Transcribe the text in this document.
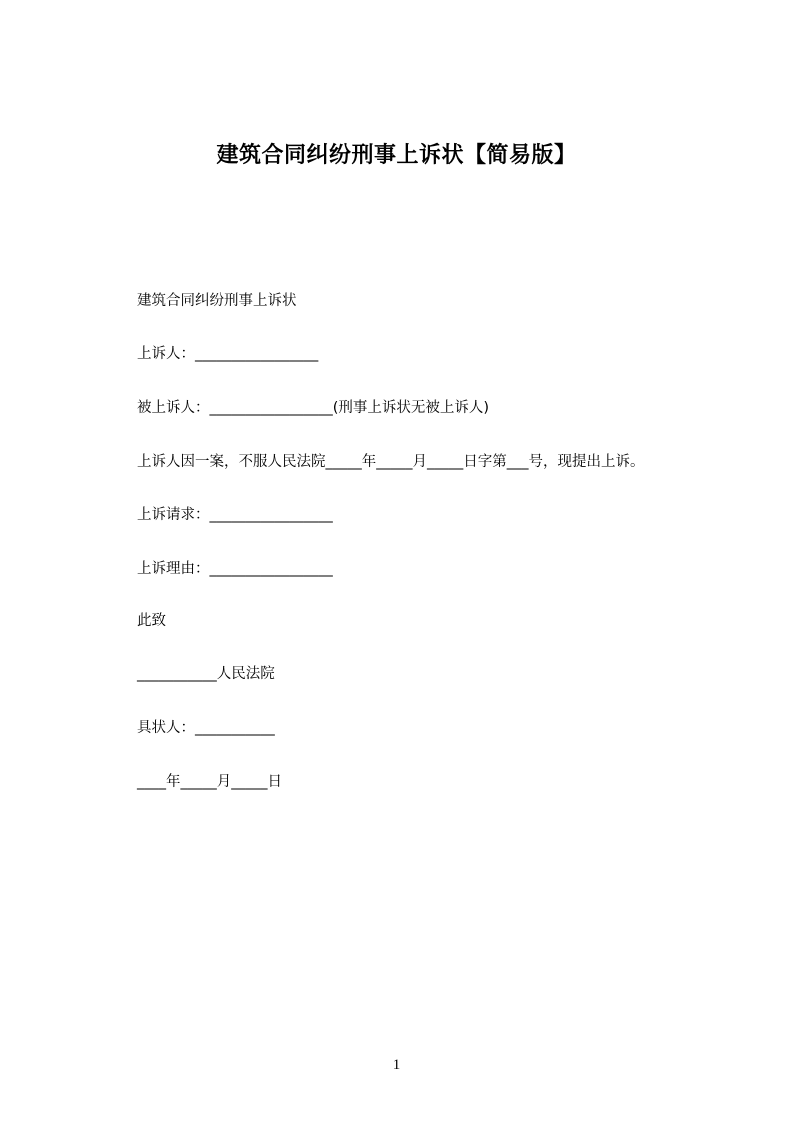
建筑合同纠纷刑事上诉状【简易版】
建筑合同纠纷刑事上诉状
上诉人：_________________
被上诉人：_________________(刑事上诉状无被上诉人)
上诉人因一案，不服人民法院_____年_____月_____日字第___号，现提出上诉。
上诉请求：_________________
上诉理由：_________________
此致
___________人民法院
具状人：___________
____年_____月_____日
1
